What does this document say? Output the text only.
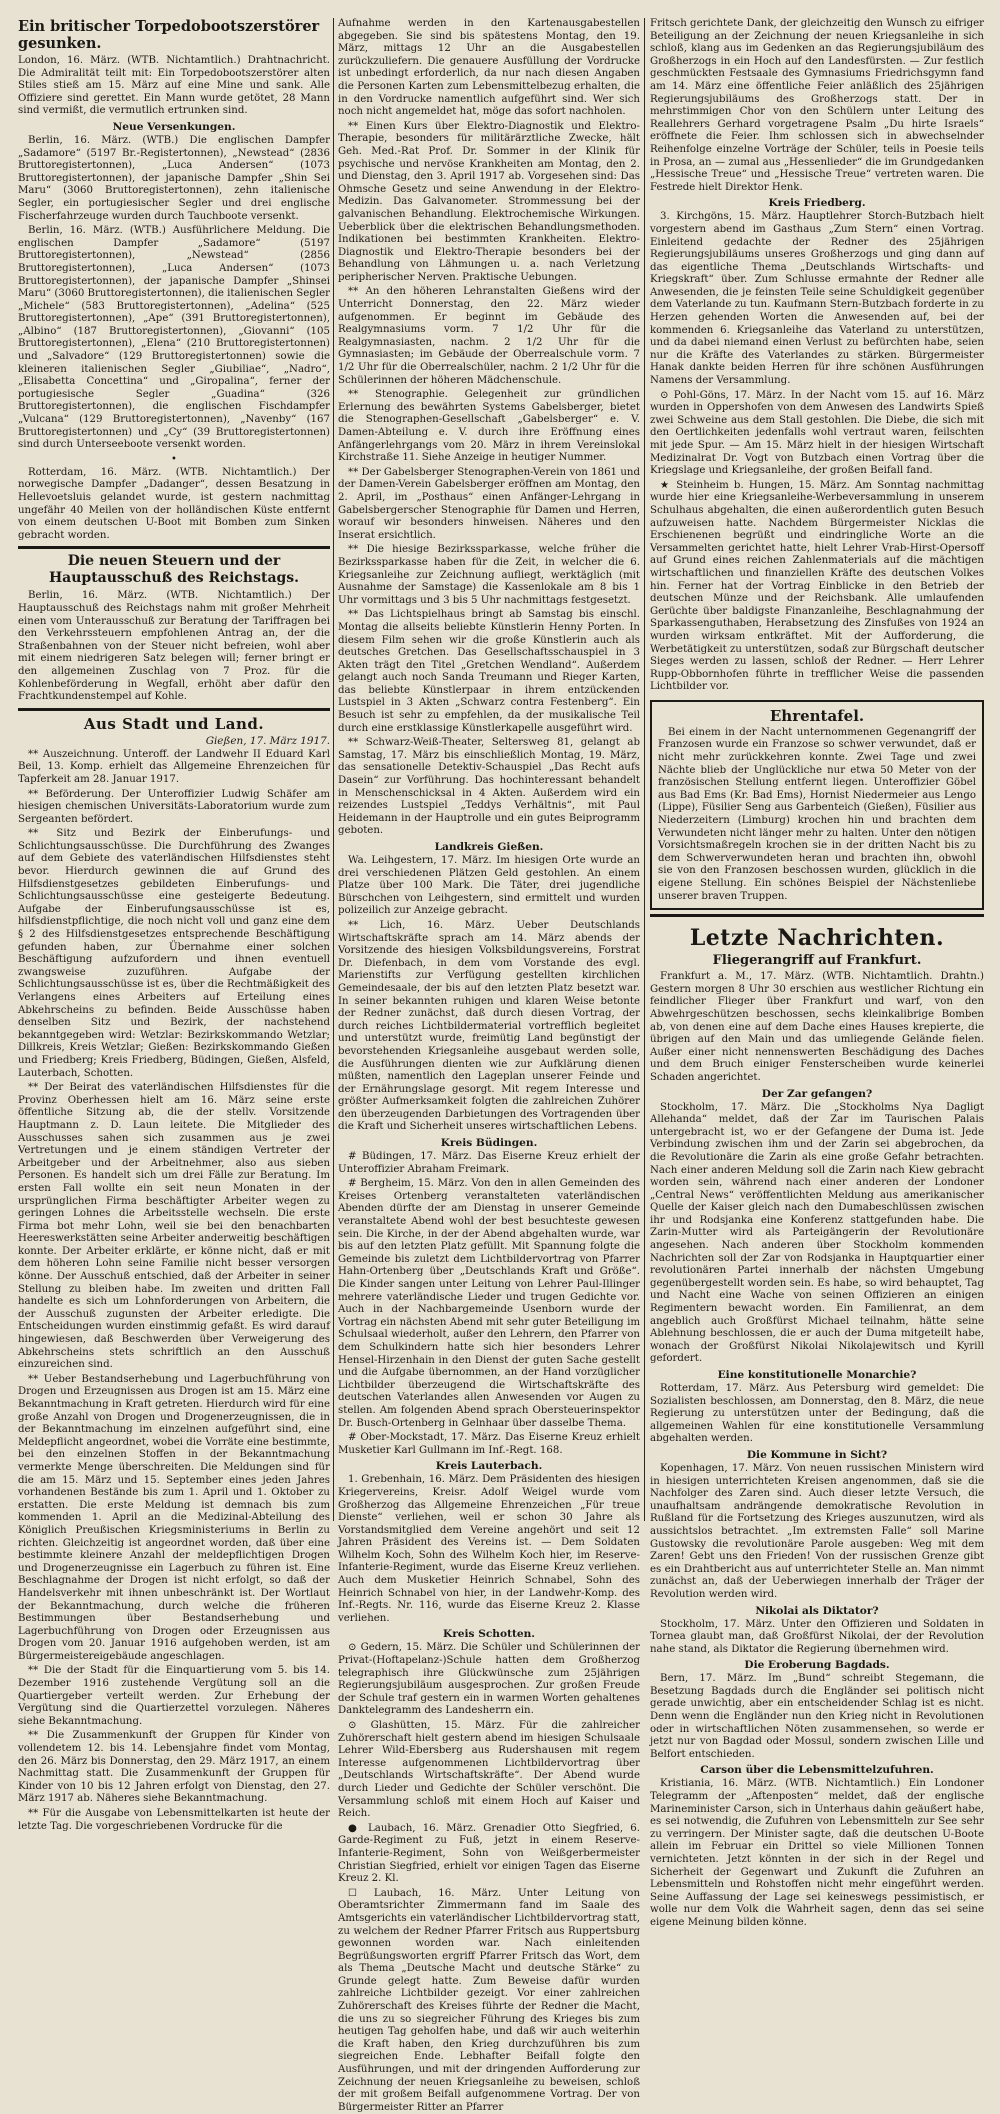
Ein britischer Torpedobootszerstörer gesunken.

London, 16. März. (WTB. Nichtamtlich.) Drahtnachricht. Die Admiralität teilt mit: Ein Torpedobootszerstörer alten Stiles stieß am 15. März auf eine Mine und sank. Alle Offiziere sind gerettet. Ein Mann wurde getötet, 28 Mann sind vermißt, die vermutlich ertrunken sind.

Neue Versenkungen.

Berlin, 16. März. (WTB.) Die englischen Dampfer „Sadamore“ (5197 Br.-Registertonnen), „Newstead“ (2836 Bruttoregistertonnen), „Luca Andersen“ (1073 Bruttoregistertonnen), der japanische Dampfer „Shin Sei Maru“ (3060 Bruttoregistertonnen), zehn italienische Segler, ein portugiesischer Segler und drei englische Fischerfahrzeuge wurden durch Tauchboote versenkt.

Berlin, 16. März. (WTB.) Ausführlichere Meldung. Die englischen Dampfer „Sadamore“ (5197 Bruttoregistertonnen), „Newstead“ (2856 Bruttoregistertonnen), „Luca Andersen“ (1073 Bruttoregistertonnen), der japanische Dampfer „Shinsei Maru“ (3060 Bruttoregistertonnen), die italienischen Segler „Michele“ (583 Bruttoregistertonnen), „Adelina“ (525 Bruttoregistertonnen), „Ape“ (391 Bruttoregistertonnen), „Albino“ (187 Bruttoregistertonnen), „Giovanni“ (105 Bruttoregistertonnen), „Elena“ (210 Bruttoregistertonnen) und „Salvadore“ (129 Bruttoregistertonnen) sowie die kleineren italienischen Segler „Giubiliae“, „Nadro“, „Elisabetta Concettina“ und „Giropalina“, ferner der portugiesische Segler „Guadina“ (326 Bruttoregistertonnen), die englischen Fischdampfer „Vulcana“ (129 Bruttoregistertonnen), „Navenby“ (167 Bruttoregistertonnen) und „Cy“ (39 Bruttoregistertonnen) sind durch Unterseeboote versenkt worden.

•

Rotterdam, 16. März. (WTB. Nichtamtlich.) Der norwegische Dampfer „Dadanger“, dessen Besatzung in Hellevoetsluis gelandet wurde, ist gestern nachmittag ungefähr 40 Meilen von der holländischen Küste entfernt von einem deutschen U-Boot mit Bomben zum Sinken gebracht worden.

Die neuen Steuern und der Hauptausschuß des Reichstags.

Berlin, 16. März. (WTB. Nichtamtlich.) Der Hauptausschuß des Reichstags nahm mit großer Mehrheit einen vom Unterausschuß zur Beratung der Tariffragen bei den Verkehrssteuern empfohlenen Antrag an, der die Straßenbahnen von der Steuer nicht befreien, wohl aber mit einem niedrigeren Satz belegen will; ferner bringt er den allgemeinen Zuschlag von 7 Proz. für die Kohlenbeförderung in Wegfall, erhöht aber dafür den Frachtkundenstempel auf Kohle.

Aus Stadt und Land.
Gießen, 17. März 1917.

** Auszeichnung. Unteroff. der Landwehr II Eduard Karl Beil, 13. Komp. erhielt das Allgemeine Ehrenzeichen für Tapferkeit am 28. Januar 1917.

** Beförderung. Der Unteroffizier Ludwig Schäfer am hiesigen chemischen Universitäts-Laboratorium wurde zum Sergeanten befördert.

** Sitz und Bezirk der Einberufungs- und Schlichtungsausschüsse. Die Durchführung des Zwanges auf dem Gebiete des vaterländischen Hilfsdienstes steht bevor. Hierdurch gewinnen die auf Grund des Hilfsdienstgesetzes gebildeten Einberufungs- und Schlichtungsausschüsse eine gesteigerte Bedeutung. Aufgabe der Einberufungsausschüsse ist es, hilfsdienstpflichtige, die noch nicht voll und ganz eine dem § 2 des Hilfsdienstgesetzes entsprechende Beschäftigung gefunden haben, zur Übernahme einer solchen Beschäftigung aufzufordern und ihnen eventuell zwangsweise zuzuführen. Aufgabe der Schlichtungsausschüsse ist es, über die Rechtmäßigkeit des Verlangens eines Arbeiters auf Erteilung eines Abkehrscheins zu befinden. Beide Ausschüsse haben denselben Sitz und Bezirk, der nachstehend bekanntgegeben wird: Wetzlar: Bezirkskommando Wetzlar; Dillkreis, Kreis Wetzlar; Gießen: Bezirkskommando Gießen und Friedberg; Kreis Friedberg, Büdingen, Gießen, Alsfeld, Lauterbach, Schotten.

** Der Beirat des vaterländischen Hilfsdienstes für die Provinz Oberhessen hielt am 16. März seine erste öffentliche Sitzung ab, die der stellv. Vorsitzende Hauptmann z. D. Laun leitete. Die Mitglieder des Ausschusses sahen sich zusammen aus je zwei Vertretungen und je einem ständigen Vertreter der Arbeitgeber und der Arbeitnehmer, also aus sieben Personen. Es handelt sich um drei Fälle zur Beratung. Im ersten Fall wollte ein seit neun Monaten in der ursprünglichen Firma beschäftigter Arbeiter wegen zu geringen Lohnes die Arbeitsstelle wechseln. Die erste Firma bot mehr Lohn, weil sie bei den benachbarten Heereswerkstätten seine Arbeiter anderweitig beschäftigen konnte. Der Arbeiter erklärte, er könne nicht, daß er mit dem höheren Lohn seine Familie nicht besser versorgen könne. Der Ausschuß entschied, daß der Arbeiter in seiner Stellung zu bleiben habe. Im zweiten und dritten Fall handelte es sich um Lohnforderungen von Arbeitern, die der Ausschuß zugunsten der Arbeiter erledigte. Die Entscheidungen wurden einstimmig gefaßt. Es wird darauf hingewiesen, daß Beschwerden über Verweigerung des Abkehrscheins stets schriftlich an den Ausschuß einzureichen sind.

** Ueber Bestandserhebung und Lagerbuchführung von Drogen und Erzeugnissen aus Drogen ist am 15. März eine Bekanntmachung in Kraft getreten. Hierdurch wird für eine große Anzahl von Drogen und Drogenerzeugnissen, die in der Bekanntmachung im einzelnen aufgeführt sind, eine Meldepflicht angeordnet, wobei die Vorräte eine bestimmte, bei den einzelnen Stoffen in der Bekanntmachung vermerkte Menge überschreiten. Die Meldungen sind für die am 15. März und 15. September eines jeden Jahres vorhandenen Bestände bis zum 1. April und 1. Oktober zu erstatten. Die erste Meldung ist demnach bis zum kommenden 1. April an die Medizinal-Abteilung des Königlich Preußischen Kriegsministeriums in Berlin zu richten. Gleichzeitig ist angeordnet worden, daß über eine bestimmte kleinere Anzahl der meldepflichtigen Drogen und Drogenerzeugnisse ein Lagerbuch zu führen ist. Eine Beschlagnahme der Drogen ist nicht erfolgt, so daß der Handelsverkehr mit ihnen unbeschränkt ist. Der Wortlaut der Bekanntmachung, durch welche die früheren Bestimmungen über Bestandserhebung und Lagerbuchführung von Drogen oder Erzeugnissen aus Drogen vom 20. Januar 1916 aufgehoben werden, ist am Bürgermeistereigebäude angeschlagen.

** Die der Stadt für die Einquartierung vom 5. bis 14. Dezember 1916 zustehende Vergütung soll an die Quartiergeber verteilt werden. Zur Erhebung der Vergütung sind die Quartierzettel vorzulegen. Näheres siehe Bekanntmachung.

** Die Zusammenkunft der Gruppen für Kinder von vollendetem 12. bis 14. Lebensjahre findet vom Montag, den 26. März bis Donnerstag, den 29. März 1917, an einem Nachmittag statt. Die Zusammenkunft der Gruppen für Kinder von 10 bis 12 Jahren erfolgt von Dienstag, den 27. März 1917 ab. Näheres siehe Bekanntmachung.

** Für die Ausgabe von Lebensmittelkarten ist heute der letzte Tag. Die vorgeschriebenen Vordrucke für die

Aufnahme werden in den Kartenausgabestellen abgegeben. Sie sind bis spätestens Montag, den 19. März, mittags 12 Uhr an die Ausgabestellen zurückzuliefern. Die genauere Ausfüllung der Vordrucke ist unbedingt erforderlich, da nur nach diesen Angaben die Personen Karten zum Lebensmittelbezug erhalten, die in den Vordrucke namentlich aufgeführt sind. Wer sich noch nicht angemeldet hat, möge das sofort nachholen.

** Einen Kurs über Elektro-Diagnostik und Elektro-Therapie, besonders für militärärztliche Zwecke, hält Geh. Med.-Rat Prof. Dr. Sommer in der Klinik für psychische und nervöse Krankheiten am Montag, den 2. und Dienstag, den 3. April 1917 ab. Vorgesehen sind: Das Ohmsche Gesetz und seine Anwendung in der Elektro-Medizin. Das Galvanometer. Strommessung bei der galvanischen Behandlung. Elektrochemische Wirkungen. Ueberblick über die elektrischen Behandlungsmethoden. Indikationen bei bestimmten Krankheiten. Elektro-Diagnostik und Elektro-Therapie besonders bei der Behandlung von Lähmungen u. a. nach Verletzung peripherischer Nerven. Praktische Uebungen.

** An den höheren Lehranstalten Gießens wird der Unterricht Donnerstag, den 22. März wieder aufgenommen. Er beginnt im Gebäude des Realgymnasiums vorm. 7 1/2 Uhr für die Realgymnasiasten, nachm. 2 1/2 Uhr für die Gymnasiasten; im Gebäude der Oberrealschule vorm. 7 1/2 Uhr für die Oberrealschüler, nachm. 2 1/2 Uhr für die Schülerinnen der höheren Mädchenschule.

** Stenographie. Gelegenheit zur gründlichen Erlernung des bewährten Systems Gabelsberger, bietet die Stenographen-Gesellschaft „Gabelsberger“ e. V. Damen-Abteilung e. V. durch ihre Eröffnung eines Anfängerlehrgangs vom 20. März in ihrem Vereinslokal Kirchstraße 11. Siehe Anzeige in heutiger Nummer.

** Der Gabelsberger Stenographen-Verein von 1861 und der Damen-Verein Gabelsberger eröffnen am Montag, den 2. April, im „Posthaus“ einen Anfänger-Lehrgang in Gabelsbergerscher Stenographie für Damen und Herren, worauf wir besonders hinweisen. Näheres und den Inserat ersichtlich.

** Die hiesige Bezirkssparkasse, welche früher die Bezirkssparkasse haben für die Zeit, in welcher die 6. Kriegsanleihe zur Zeichnung aufliegt, werktäglich (mit Ausnahme der Samstage) die Kassenlokale am 8 bis 1 Uhr vormittags und 3 bis 5 Uhr nachmittags festgesetzt.

** Das Lichtspielhaus bringt ab Samstag bis einschl. Montag die allseits beliebte Künstlerin Henny Porten. In diesem Film sehen wir die große Künstlerin auch als deutsches Gretchen. Das Gesellschaftsschauspiel in 3 Akten trägt den Titel „Gretchen Wendland“. Außerdem gelangt auch noch Sanda Treumann und Rieger Karten, das beliebte Künstlerpaar in ihrem entzückenden Lustspiel in 3 Akten „Schwarz contra Festenberg“. Ein Besuch ist sehr zu empfehlen, da der musikalische Teil durch eine erstklassige Künstlerkapelle ausgeführt wird.

** Schwarz-Weiß-Theater, Seltersweg 81, gelangt ab Samstag, 17. März bis einschließlich Montag, 19. März, das sensationelle Detektiv-Schauspiel „Das Recht aufs Dasein“ zur Vorführung. Das hochinteressant behandelt in Menschenschicksal in 4 Akten. Außerdem wird ein reizendes Lustspiel „Teddys Verhältnis“, mit Paul Heidemann in der Hauptrolle und ein gutes Beiprogramm geboten.

Landkreis Gießen.

Wa. Leihgestern, 17. März. Im hiesigen Orte wurde an drei verschiedenen Plätzen Geld gestohlen. An einem Platze über 100 Mark. Die Täter, drei jugendliche Bürschchen von Leihgestern, sind ermittelt und wurden polizeilich zur Anzeige gebracht.

** Lich, 16. März. Ueber Deutschlands Wirtschaftskräfte sprach am 14. März abends der Vorsitzende des hiesigen Volksbildungsvereins, Forstrat Dr. Diefenbach, in dem vom Vorstande des evgl. Marienstifts zur Verfügung gestellten kirchlichen Gemeindesaale, der bis auf den letzten Platz besetzt war. In seiner bekannten ruhigen und klaren Weise betonte der Redner zunächst, daß durch diesen Vortrag, der durch reiches Lichtbildermaterial vortrefflich begleitet und unterstützt wurde, freimütig Land begünstigt der bevorstehenden Kriegsanleihe ausgebaut werden solle, die Ausführungen dienten wie zur Aufklärung dienen müßten, namentlich den Lageplan unserer Feinde und der Ernährungslage gesorgt. Mit regem Interesse und größter Aufmerksamkeit folgten die zahlreichen Zuhörer den überzeugenden Darbietungen des Vortragenden über die Kraft und Sicherheit unseres wirtschaftlichen Lebens.

Kreis Büdingen.

# Büdingen, 17. März. Das Eiserne Kreuz erhielt der Unteroffizier Abraham Freimark.

# Bergheim, 15. März. Von den in allen Gemeinden des Kreises Ortenberg veranstalteten vaterländischen Abenden dürfte der am Dienstag in unserer Gemeinde veranstaltete Abend wohl der best besuchteste gewesen sein. Die Kirche, in der der Abend abgehalten wurde, war bis auf den letzten Platz gefüllt. Mit Spannung folgte die Gemeinde bis zuletzt dem Lichtbildervortrag von Pfarrer Hahn-Ortenberg über „Deutschlands Kraft und Größe“. Die Kinder sangen unter Leitung von Lehrer Paul-Illinger mehrere vaterländische Lieder und trugen Gedichte vor. Auch in der Nachbargemeinde Usenborn wurde der Vortrag ein nächsten Abend mit sehr guter Beteiligung im Schulsaal wiederholt, außer den Lehrern, den Pfarrer von dem Schulkindern hatte sich hier besonders Lehrer Hensel-Hirzenhain in den Dienst der guten Sache gestellt und die Aufgabe übernommen, an der Hand vorzüglicher Lichtbilder überzeugend die Wirtschaftskräfte des deutschen Vaterlandes allen Anwesenden vor Augen zu stellen. Am folgenden Abend sprach Obersteuerinspektor Dr. Busch-Ortenberg in Gelnhaar über dasselbe Thema.

# Ober-Mockstadt, 17. März. Das Eiserne Kreuz erhielt Musketier Karl Gullmann im Inf.-Regt. 168.

Kreis Lauterbach.

1. Grebenhain, 16. März. Dem Präsidenten des hiesigen Kriegervereins, Kreisr. Adolf Weigel wurde vom Großherzog das Allgemeine Ehrenzeichen „Für treue Dienste“ verliehen, weil er schon 30 Jahre als Vorstandsmitglied dem Vereine angehört und seit 12 Jahren Präsident des Vereins ist. — Dem Soldaten Wilhelm Koch, Sohn des Wilhelm Koch hier, im Reserve-Infanterie-Regiment, wurde das Eiserne Kreuz verliehen. Auch dem Musketier Heinrich Schnabel, Sohn des Heinrich Schnabel von hier, in der Landwehr-Komp. des Inf.-Regts. Nr. 116, wurde das Eiserne Kreuz 2. Klasse verliehen.

Kreis Schotten.

⊙ Gedern, 15. März. Die Schüler und Schülerinnen der Privat-(Hoftapelanz-)Schule hatten dem Großherzog telegraphisch ihre Glückwünsche zum 25jährigen Regierungsjubiläum ausgesprochen. Zur großen Freude der Schule traf gestern ein in warmen Worten gehaltenes Danktelegramm des Landesherrn ein.

⊙ Glashütten, 15. März. Für die zahlreicher Zuhörerschaft hielt gestern abend im hiesigen Schulsaale Lehrer Wild-Ebersberg aus Rudershausen mit regem Interesse aufgenommenen Lichtbildervortrag über „Deutschlands Wirtschaftskräfte“. Der Abend wurde durch Lieder und Gedichte der Schüler verschönt. Die Versammlung schloß mit einem Hoch auf Kaiser und Reich.

● Laubach, 16. März. Grenadier Otto Siegfried, 6. Garde-Regiment zu Fuß, jetzt in einem Reserve-Infanterie-Regiment, Sohn von Weißgerbermeister Christian Siegfried, erhielt vor einigen Tagen das Eiserne Kreuz 2. Kl.

☐ Laubach, 16. März. Unter Leitung von Oberamtsrichter Zimmermann fand im Saale des Amtsgerichts ein vaterländischer Lichtbildervortrag statt, zu welchem der Redner Pfarrer Fritsch aus Ruppertsburg gewonnen worden war. Nach einleitenden Begrüßungsworten ergriff Pfarrer Fritsch das Wort, dem als Thema „Deutsche Macht und deutsche Stärke“ zu Grunde gelegt hatte. Zum Beweise dafür wurden zahlreiche Lichtbilder gezeigt. Vor einer zahlreichen Zuhörerschaft des Kreises führte der Redner die Macht, die uns zu so siegreicher Führung des Krieges bis zum heutigen Tag geholfen habe, und daß wir auch weiterhin die Kraft haben, den Krieg durchzuführen bis zum siegreichen Ende. Lebhafter Beifall folgte den Ausführungen, und mit der dringenden Aufforderung zur Zeichnung der neuen Kriegsanleihe zu beweisen, schloß der mit großem Beifall aufgenommene Vortrag. Der von Bürgermeister Ritter an Pfarrer

Fritsch gerichtete Dank, der gleichzeitig den Wunsch zu eifriger Beteiligung an der Zeichnung der neuen Kriegsanleihe in sich schloß, klang aus im Gedenken an das Regierungsjubiläum des Großherzogs in ein Hoch auf den Landesfürsten. — Zur festlich geschmückten Festsaale des Gymnasiums Friedrichsgymn fand am 14. März eine öffentliche Feier anläßlich des 25jährigen Regierungsjubiläums des Großherzogs statt. Der in mehrstimmigen Chor von den Schülern unter Leitung des Reallehrers Gerhard vorgetragene Psalm „Du hirte Israels“ eröffnete die Feier. Ihm schlossen sich in abwechselnder Reihenfolge einzelne Vorträge der Schüler, teils in Poesie teils in Prosa, an — zumal aus „Hessenlieder“ die im Grundgedanken „Hessische Treue“ und „Hessische Treue“ vertreten waren. Die Festrede hielt Direktor Henk.

Kreis Friedberg.

3. Kirchgöns, 15. März. Hauptlehrer Storch-Butzbach hielt vorgestern abend im Gasthaus „Zum Stern“ einen Vortrag. Einleitend gedachte der Redner des 25jährigen Regierungsjubiläums unseres Großherzogs und ging dann auf das eigentliche Thema „Deutschlands Wirtschafts- und Kriegskraft“ über. Zum Schlusse ermahnte der Redner alle Anwesenden, die je feinsten Teile seine Schuldigkeit gegenüber dem Vaterlande zu tun. Kaufmann Stern-Butzbach forderte in zu Herzen gehenden Worten die Anwesenden auf, bei der kommenden 6. Kriegsanleihe das Vaterland zu unterstützen, und da dabei niemand einen Verlust zu befürchten habe, seien nur die Kräfte des Vaterlandes zu stärken. Bürgermeister Hanak dankte beiden Herren für ihre schönen Ausführungen Namens der Versammlung.

⊙ Pohl-Göns, 17. März. In der Nacht vom 15. auf 16. März wurden in Oppershofen von dem Anwesen des Landwirts Spieß zwei Schweine aus dem Stall gestohlen. Die Diebe, die sich mit den Oertlichkeiten jedenfalls wohl vertraut waren, feilschten mit jede Spur. — Am 15. März hielt in der hiesigen Wirtschaft Medizinalrat Dr. Vogt von Butzbach einen Vortrag über die Kriegslage und Kriegsanleihe, der großen Beifall fand.

★ Steinheim b. Hungen, 15. März. Am Sonntag nachmittag wurde hier eine Kriegsanleihe-Werbeversammlung in unserem Schulhaus abgehalten, die einen außerordentlich guten Besuch aufzuweisen hatte. Nachdem Bürgermeister Nicklas die Erschienenen begrüßt und eindringliche Worte an die Versammelten gerichtet hatte, hielt Lehrer Vrab-Hirst-Opersoff auf Grund eines reichen Zahlenmaterials auf die mächtigen wirtschaftlichen und finanziellen Kräfte des deutschen Volkes hin. Ferner hat der Vortrag Einblicke in den Betrieb der deutschen Münze und der Reichsbank. Alle umlaufenden Gerüchte über baldigste Finanzanleihe, Beschlagnahmung der Sparkassenguthaben, Herabsetzung des Zinsfußes von 1924 an wurden wirksam entkräftet. Mit der Aufforderung, die Werbetätigkeit zu unterstützen, sodaß zur Bürgschaft deutscher Sieges werden zu lassen, schloß der Redner. — Herr Lehrer Rupp-Obbornhofen führte in trefflicher Weise die passenden Lichtbilder vor.

Ehrentafel.

Bei einem in der Nacht unternommenen Gegenangriff der Franzosen wurde ein Franzose so schwer verwundet, daß er nicht mehr zurückkehren konnte. Zwei Tage und zwei Nächte blieb der Unglückliche nur etwa 50 Meter von der französischen Stellung entfernt liegen. Unteroffizier Göbel aus Bad Ems (Kr. Bad Ems), Hornist Niedermeier aus Lengo (Lippe), Füsilier Seng aus Garbenteich (Gießen), Füsilier aus Niederzeitern (Limburg) krochen hin und brachten dem Verwundeten nicht länger mehr zu halten. Unter den nötigen Vorsichtsmaßregeln krochen sie in der dritten Nacht bis zu dem Schwerverwundeten heran und brachten ihn, obwohl sie von den Franzosen beschossen wurden, glücklich in die eigene Stellung. Ein schönes Beispiel der Nächstenliebe unserer braven Truppen.

Letzte Nachrichten.
Fliegerangriff auf Frankfurt.

Frankfurt a. M., 17. März. (WTB. Nichtamtlich. Drahtn.) Gestern morgen 8 Uhr 30 erschien aus westlicher Richtung ein feindlicher Flieger über Frankfurt und warf, von den Abwehrgeschützen beschossen, sechs kleinkalibrige Bomben ab, von denen eine auf dem Dache eines Hauses krepierte, die übrigen auf den Main und das umliegende Gelände fielen. Außer einer nicht nennenswerten Beschädigung des Daches und dem Bruch einiger Fensterscheiben wurde keinerlei Schaden angerichtet.

Der Zar gefangen?

Stockholm, 17. März. Die „Stockholms Nya Dagligt Allehanda“ meldet, daß der Zar im Taurischen Palais untergebracht ist, wo er der Gefangene der Duma ist. Jede Verbindung zwischen ihm und der Zarin sei abgebrochen, da die Revolutionäre die Zarin als eine große Gefahr betrachten. Nach einer anderen Meldung soll die Zarin nach Kiew gebracht worden sein, während nach einer anderen der Londoner „Central News“ veröffentlichten Meldung aus amerikanischer Quelle der Kaiser gleich nach den Dumabeschlüssen zwischen ihr und Rodsjanka eine Konferenz stattgefunden habe. Die Zarin-Mutter wird als Parteigängerin der Revolutionäre angesehen. Nach anderen über Stockholm kommenden Nachrichten soll der Zar von Rodsjanka in Hauptquartier einer revolutionären Partei innerhalb der nächsten Umgebung gegenübergestellt worden sein. Es habe, so wird behauptet, Tag und Nacht eine Wache von seinen Offizieren an einigen Regimentern bewacht worden. Ein Familienrat, an dem angeblich auch Großfürst Michael teilnahm, hätte seine Ablehnung beschlossen, die er auch der Duma mitgeteilt habe, wonach der Großfürst Nikolai Nikolajewitsch und Kyrill gefordert.

Eine konstitutionelle Monarchie?

Rotterdam, 17. März. Aus Petersburg wird gemeldet: Die Sozialisten beschlossen, am Donnerstag, den 8. März, die neue Regierung zu unterstützen unter der Bedingung, daß die allgemeinen Wahlen für eine konstitutionelle Versammlung abgehalten werden.

Die Kommune in Sicht?

Kopenhagen, 17. März. Von neuen russischen Ministern wird in hiesigen unterrichteten Kreisen angenommen, daß sie die Nachfolger des Zaren sind. Auch dieser letzte Versuch, die unaufhaltsam andrängende demokratische Revolution in Rußland für die Fortsetzung des Krieges auszunutzen, wird als aussichtslos betrachtet. „Im extremsten Falle“ soll Marine Gustowsky die revolutionäre Parole ausgeben: Weg mit dem Zaren! Gebt uns den Frieden! Von der russischen Grenze gibt es ein Drahtbericht aus auf unterrichteter Stelle an. Man nimmt zunächst an, daß der Ueberwiegen innerhalb der Träger der Revolution werden wird.

Nikolai als Diktator?

Stockholm, 17. März. Unter den Offizieren und Soldaten in Tornea glaubt man, daß Großfürst Nikolai, der der Revolution nahe stand, als Diktator die Regierung übernehmen wird.

Die Eroberung Bagdads.

Bern, 17. März. Im „Bund“ schreibt Stegemann, die Besetzung Bagdads durch die Engländer sei politisch nicht gerade unwichtig, aber ein entscheidender Schlag ist es nicht. Denn wenn die Engländer nun den Krieg nicht in Revolutionen oder in wirtschaftlichen Nöten zusammensehen, so werde er jetzt nur von Bagdad oder Mossul, sondern zwischen Lille und Belfort entschieden.

Carson über die Lebensmittelzufuhren.

Kristiania, 16. März. (WTB. Nichtamtlich.) Ein Londoner Telegramm der „Aftenposten“ meldet, daß der englische Marineminister Carson, sich in Unterhaus dahin geäußert habe, es sei notwendig, die Zufuhren von Lebensmitteln zur See sehr zu verringern. Der Minister sagte, daß die deutschen U-Boote allein im Februar ein Drittel so viele Millionen Tonnen vernichteten. Jetzt könnten in der sich in der Regel und Sicherheit der Gegenwart und Zukunft die Zufuhren an Lebensmitteln und Rohstoffen nicht mehr eingeführt werden. Seine Auffassung der Lage sei keineswegs pessimistisch, er wolle nur dem Volk die Wahrheit sagen, denn das sei seine eigene Meinung bilden könne.
